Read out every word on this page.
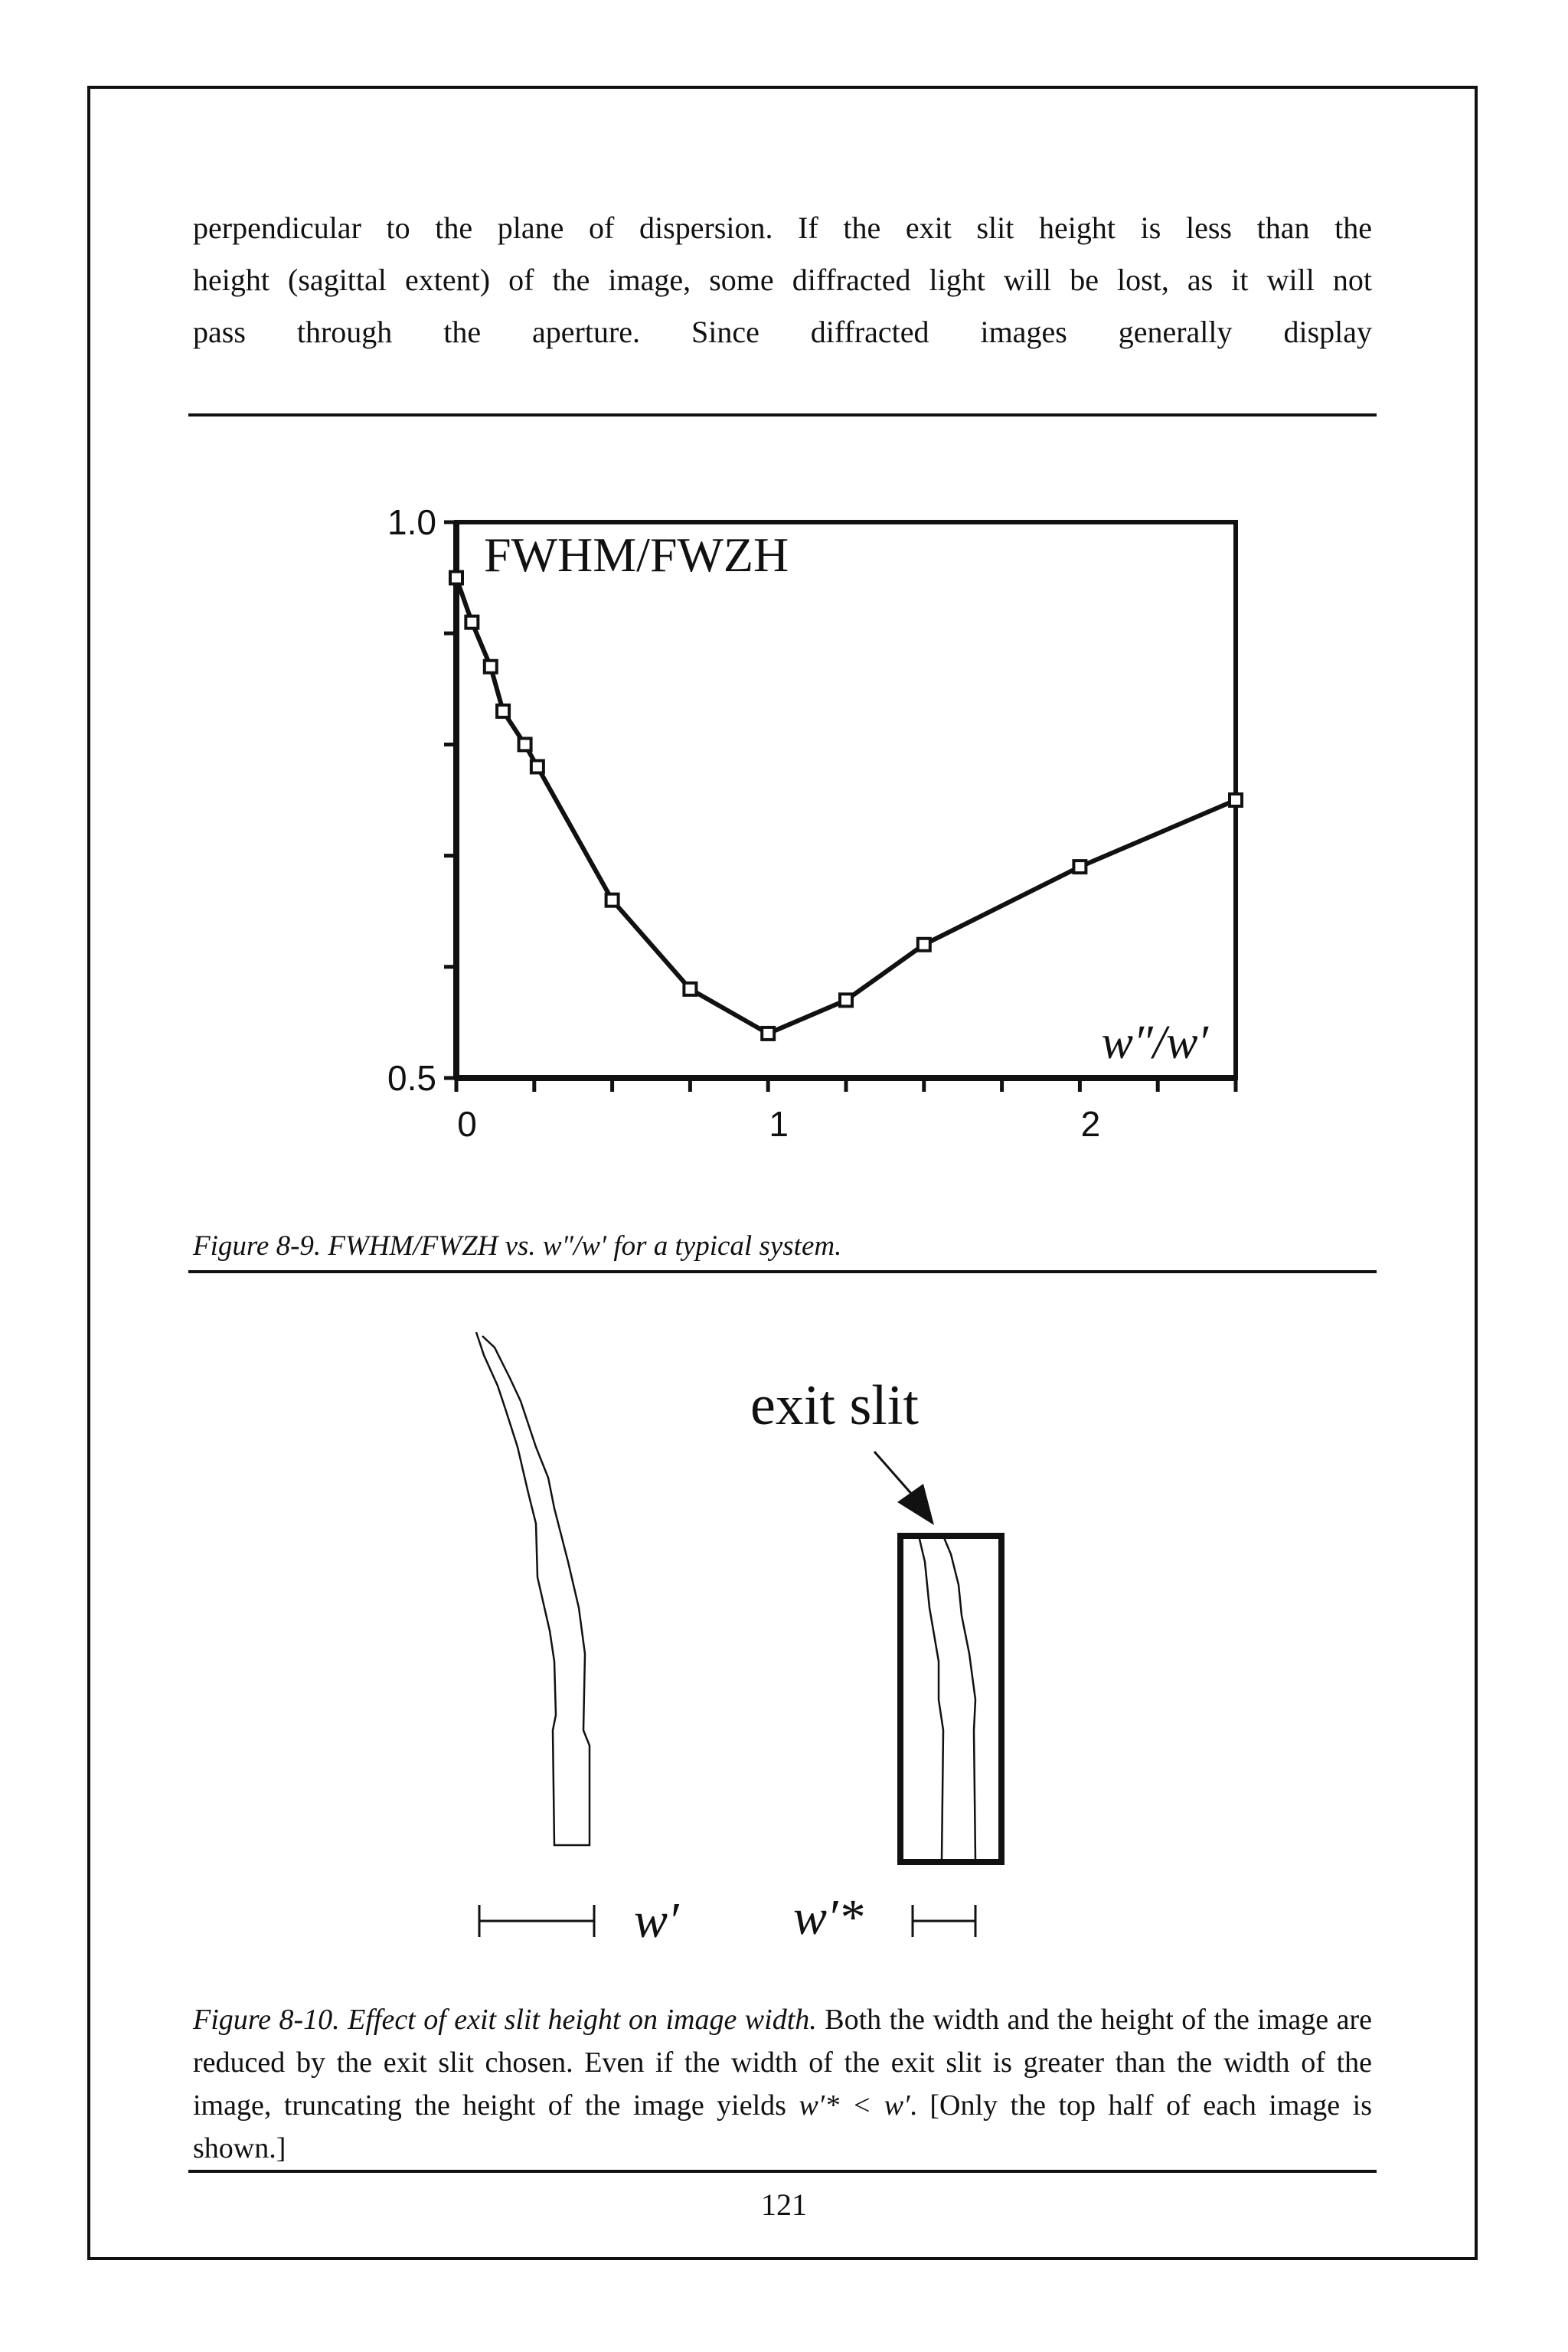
perpendicular to the plane of dispersion. If the exit slit height is less than the
height (sagittal extent) of the image, some diffracted light will be lost, as it will not
pass through the aperture. Since diffracted images generally display
1.0
0.5
0	1	2
FWHM/FWZH
w″/w′
Figure 8-9. FWHM/FWZH vs. w″/w′ for a typical system.
exit slit
w′ w′*
Figure 8-10. Effect of exit slit height on image width. Both the width and the height of the image are reduced by the exit slit chosen. Even if the width of the exit slit is greater than the width of the image, truncating the height of the image yields w′* < w′. [Only the top half of each image is shown.]
121
